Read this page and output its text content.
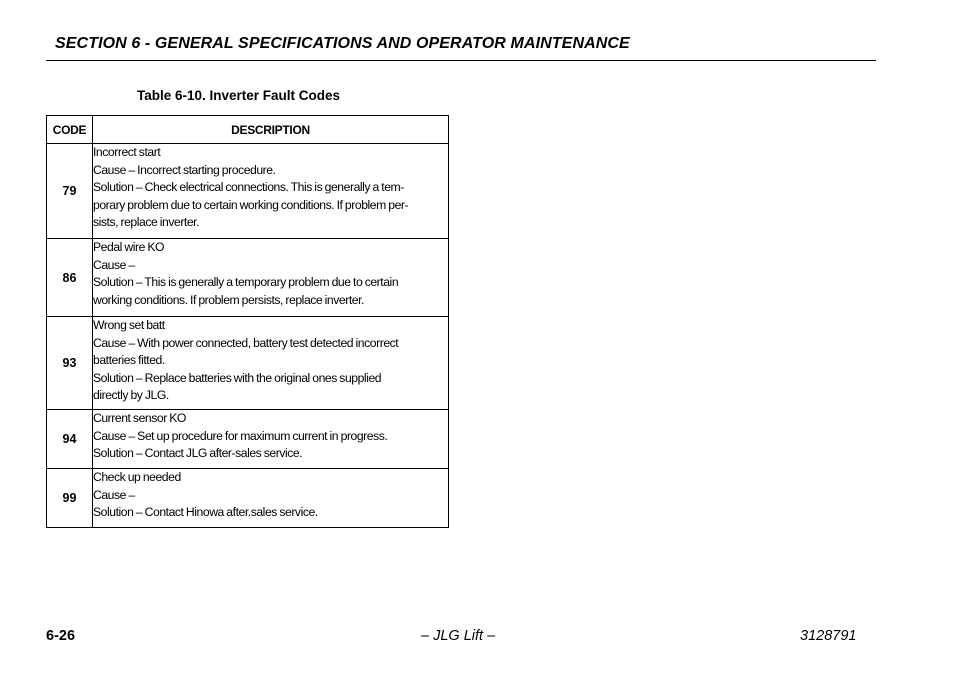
SECTION 6 - GENERAL SPECIFICATIONS AND OPERATOR MAINTENANCE
Table 6-10. Inverter Fault Codes
CODE	DESCRIPTION
79	Incorrect start
Cause – Incorrect starting procedure.
Solution – Check electrical connections. This is generally a tem-
porary problem due to certain working conditions. If problem per-
sists, replace inverter.

86	Pedal wire KO
Cause –
Solution – This is generally a temporary problem due to certain
working conditions. If problem persists, replace inverter.

93	Wrong set batt
Cause – With power connected, battery test detected incorrect
batteries fitted.
Solution – Replace batteries with the original ones supplied
directly by JLG.

94	Current sensor KO
Cause – Set up procedure for maximum current in progress.
Solution – Contact JLG after-sales service.

99	Check up needed
Cause –
Solution – Contact Hinowa after.sales service.
6-26	– JLG Lift –	3128791
